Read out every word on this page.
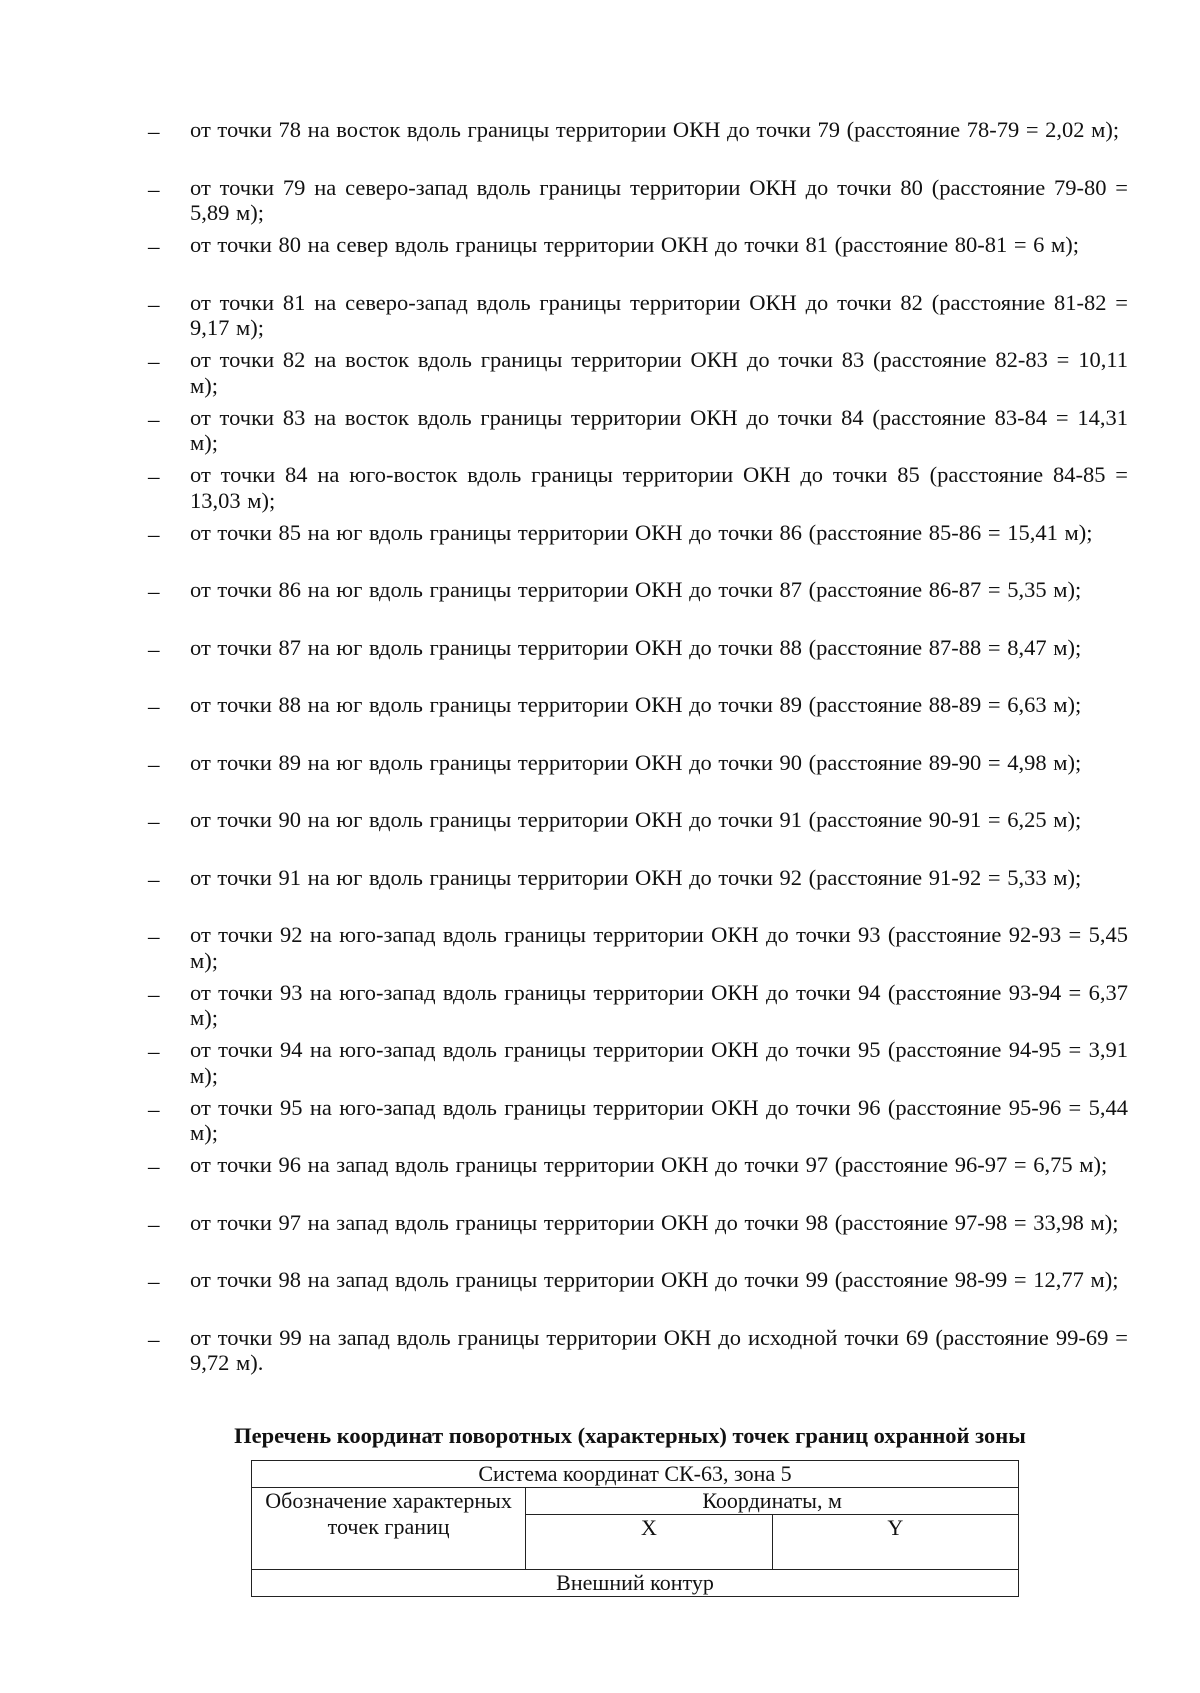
–	от точки 78 на восток вдоль границы территории ОКН до точки 79 (расстояние 78-79 = 2,02 м);
–	от точки 79 на северо-запад вдоль границы территории ОКН до точки 80 (расстояние 79-80 = 5,89 м);
–	от точки 80 на север вдоль границы территории ОКН до точки 81 (расстояние 80-81 = 6 м);
–	от точки 81 на северо-запад вдоль границы территории ОКН до точки 82 (расстояние 81-82 = 9,17 м);
–	от точки 82 на восток вдоль границы территории ОКН до точки 83 (расстояние 82-83 = 10,11 м);
–	от точки 83 на восток вдоль границы территории ОКН до точки 84 (расстояние 83-84 = 14,31 м);
–	от точки 84 на юго-восток вдоль границы территории ОКН до точки 85 (расстояние 84-85 = 13,03 м);
–	от точки 85 на юг вдоль границы территории ОКН до точки 86 (расстояние 85-86 = 15,41 м);
–	от точки 86 на юг вдоль границы территории ОКН до точки 87 (расстояние 86-87 = 5,35 м);
–	от точки 87 на юг вдоль границы территории ОКН до точки 88 (расстояние 87-88 = 8,47 м);
–	от точки 88 на юг вдоль границы территории ОКН до точки 89 (расстояние 88-89 = 6,63 м);
–	от точки 89 на юг вдоль границы территории ОКН до точки 90 (расстояние 89-90 = 4,98 м);
–	от точки 90 на юг вдоль границы территории ОКН до точки 91 (расстояние 90-91 = 6,25 м);
–	от точки 91 на юг вдоль границы территории ОКН до точки 92 (расстояние 91-92 = 5,33 м);
–	от точки 92 на юго-запад вдоль границы территории ОКН до точки 93 (расстояние 92-93 = 5,45 м);
–	от точки 93 на юго-запад вдоль границы территории ОКН до точки 94 (расстояние 93-94 = 6,37 м);
–	от точки 94 на юго-запад вдоль границы территории ОКН до точки 95 (расстояние 94-95 = 3,91 м);
–	от точки 95 на юго-запад вдоль границы территории ОКН до точки 96 (расстояние 95-96 = 5,44 м);
–	от точки 96 на запад вдоль границы территории ОКН до точки 97 (расстояние 96-97 = 6,75 м);
–	от точки 97 на запад вдоль границы территории ОКН до точки 98 (расстояние 97-98 = 33,98 м);
–	от точки 98 на запад вдоль границы территории ОКН до точки 99 (расстояние 98-99 = 12,77 м);
–	от точки 99 на запад вдоль границы территории ОКН до исходной точки 69 (расстояние 99-69 = 9,72 м).
Перечень координат поворотных (характерных) точек границ охранной зоны
Система координат СК-63, зона 5		
Обозначение характерных точек границ	Координаты, м	
	X	Y
Внешний контур		
